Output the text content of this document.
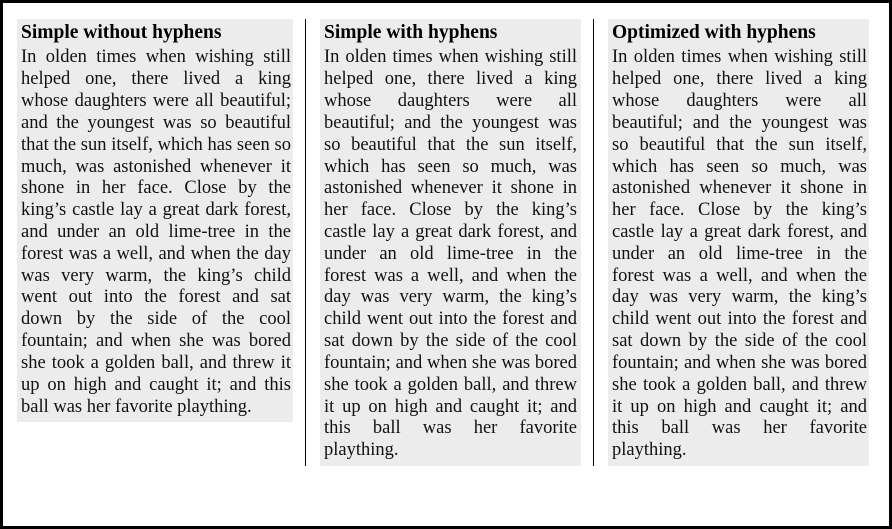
Simple without hyphens

In olden times when wishing still helped one, there lived a king whose daughters were all beautiful; and the youngest was so beautiful that the sun itself, which has seen so much, was astonished whenever it shone in her face. Close by the king’s castle lay a great dark forest, and under an old lime-tree in the forest was a well, and when the day was very warm, the king’s child went out into the forest and sat down by the side of the cool fountain; and when she was bored she took a golden ball, and threw it up on high and caught it; and this ball was her favorite plaything.

Simple with hyphens

In olden times when wishing still helped one, there lived a king whose daughters were all beautiful; and the youngest was so beautiful that the sun itself, which has seen so much, was astonished whenever it shone in her face. Close by the king’s castle lay a great dark forest, and under an old lime-tree in the forest was a well, and when the day was very warm, the king’s child went out into the forest and sat down by the side of the cool fountain; and when she was bored she took a golden ball, and threw it up on high and caught it; and this ball was her favorite plaything.

Optimized with hyphens

In olden times when wishing still helped one, there lived a king whose daughters were all beautiful; and the youngest was so beautiful that the sun itself, which has seen so much, was astonished whenever it shone in her face. Close by the king’s castle lay a great dark forest, and under an old lime-tree in the forest was a well, and when the day was very warm, the king’s child went out into the forest and sat down by the side of the cool fountain; and when she was bored she took a golden ball, and threw it up on high and caught it; and this ball was her favorite plaything.
